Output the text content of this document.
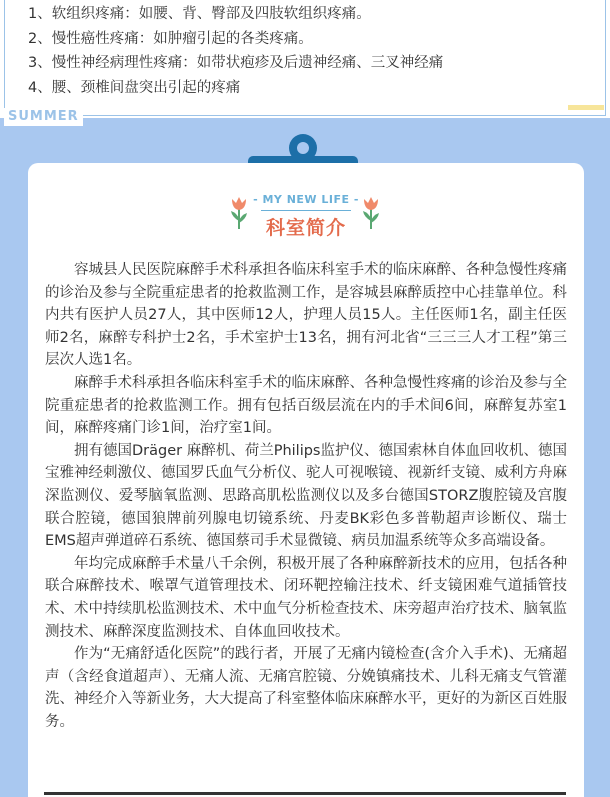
1、软组织疼痛：如腰、背、臀部及四肢软组织疼痛。
2、慢性癌性疼痛：如肿瘤引起的各类疼痛。
3、慢性神经病理性疼痛：如带状疱疹及后遗神经痛、三叉神经痛
4、腰、颈椎间盘突出引起的疼痛
SUMMER
- MY NEW LIFE -
科室简介

容城县人民医院麻醉手术科承担各临床科室手术的临床麻醉、各种急慢性疼痛的诊治及参与全院重症患者的抢救监测工作，是容城县麻醉质控中心挂靠单位。科内共有医护人员27人，其中医师12人，护理人员15人。主任医师1名，副主任医师2名，麻醉专科护士2名，手术室护士13名，拥有河北省“三三三人才工程”第三层次人选1名。

麻醉手术科承担各临床科室手术的临床麻醉、各种急慢性疼痛的诊治及参与全院重症患者的抢救监测工作。拥有包括百级层流在内的手术间6间，麻醉复苏室1间，麻醉疼痛门诊1间，治疗室1间。

拥有德国Dräger 麻醉机、荷兰Philips监护仪、德国索林自体血回收机、德国宝雅神经刺激仪、德国罗氏血气分析仪、驼人可视喉镜、视新纤支镜、威利方舟麻深监测仪、爱琴脑氧监测、思路高肌松监测仪以及多台德国STORZ腹腔镜及宫腹联合腔镜，德国狼牌前列腺电切镜系统、丹麦BK彩色多普勒超声诊断仪、瑞士EMS超声弹道碎石系统、德国蔡司手术显微镜、病员加温系统等众多高端设备。

年均完成麻醉手术量八千余例，积极开展了各种麻醉新技术的应用，包括各种联合麻醉技术、喉罩气道管理技术、闭环靶控输注技术、纤支镜困难气道插管技术、术中持续肌松监测技术、术中血气分析检查技术、床旁超声治疗技术、脑氧监测技术、麻醉深度监测技术、自体血回收技术。

作为“无痛舒适化医院”的践行者，开展了无痛内镜检查(含介入手术)、无痛超声（含经食道超声）、无痛人流、无痛宫腔镜、分娩镇痛技术、儿科无痛支气管灌洗、神经介入等新业务，大大提高了科室整体临床麻醉水平，更好的为新区百姓服务。
